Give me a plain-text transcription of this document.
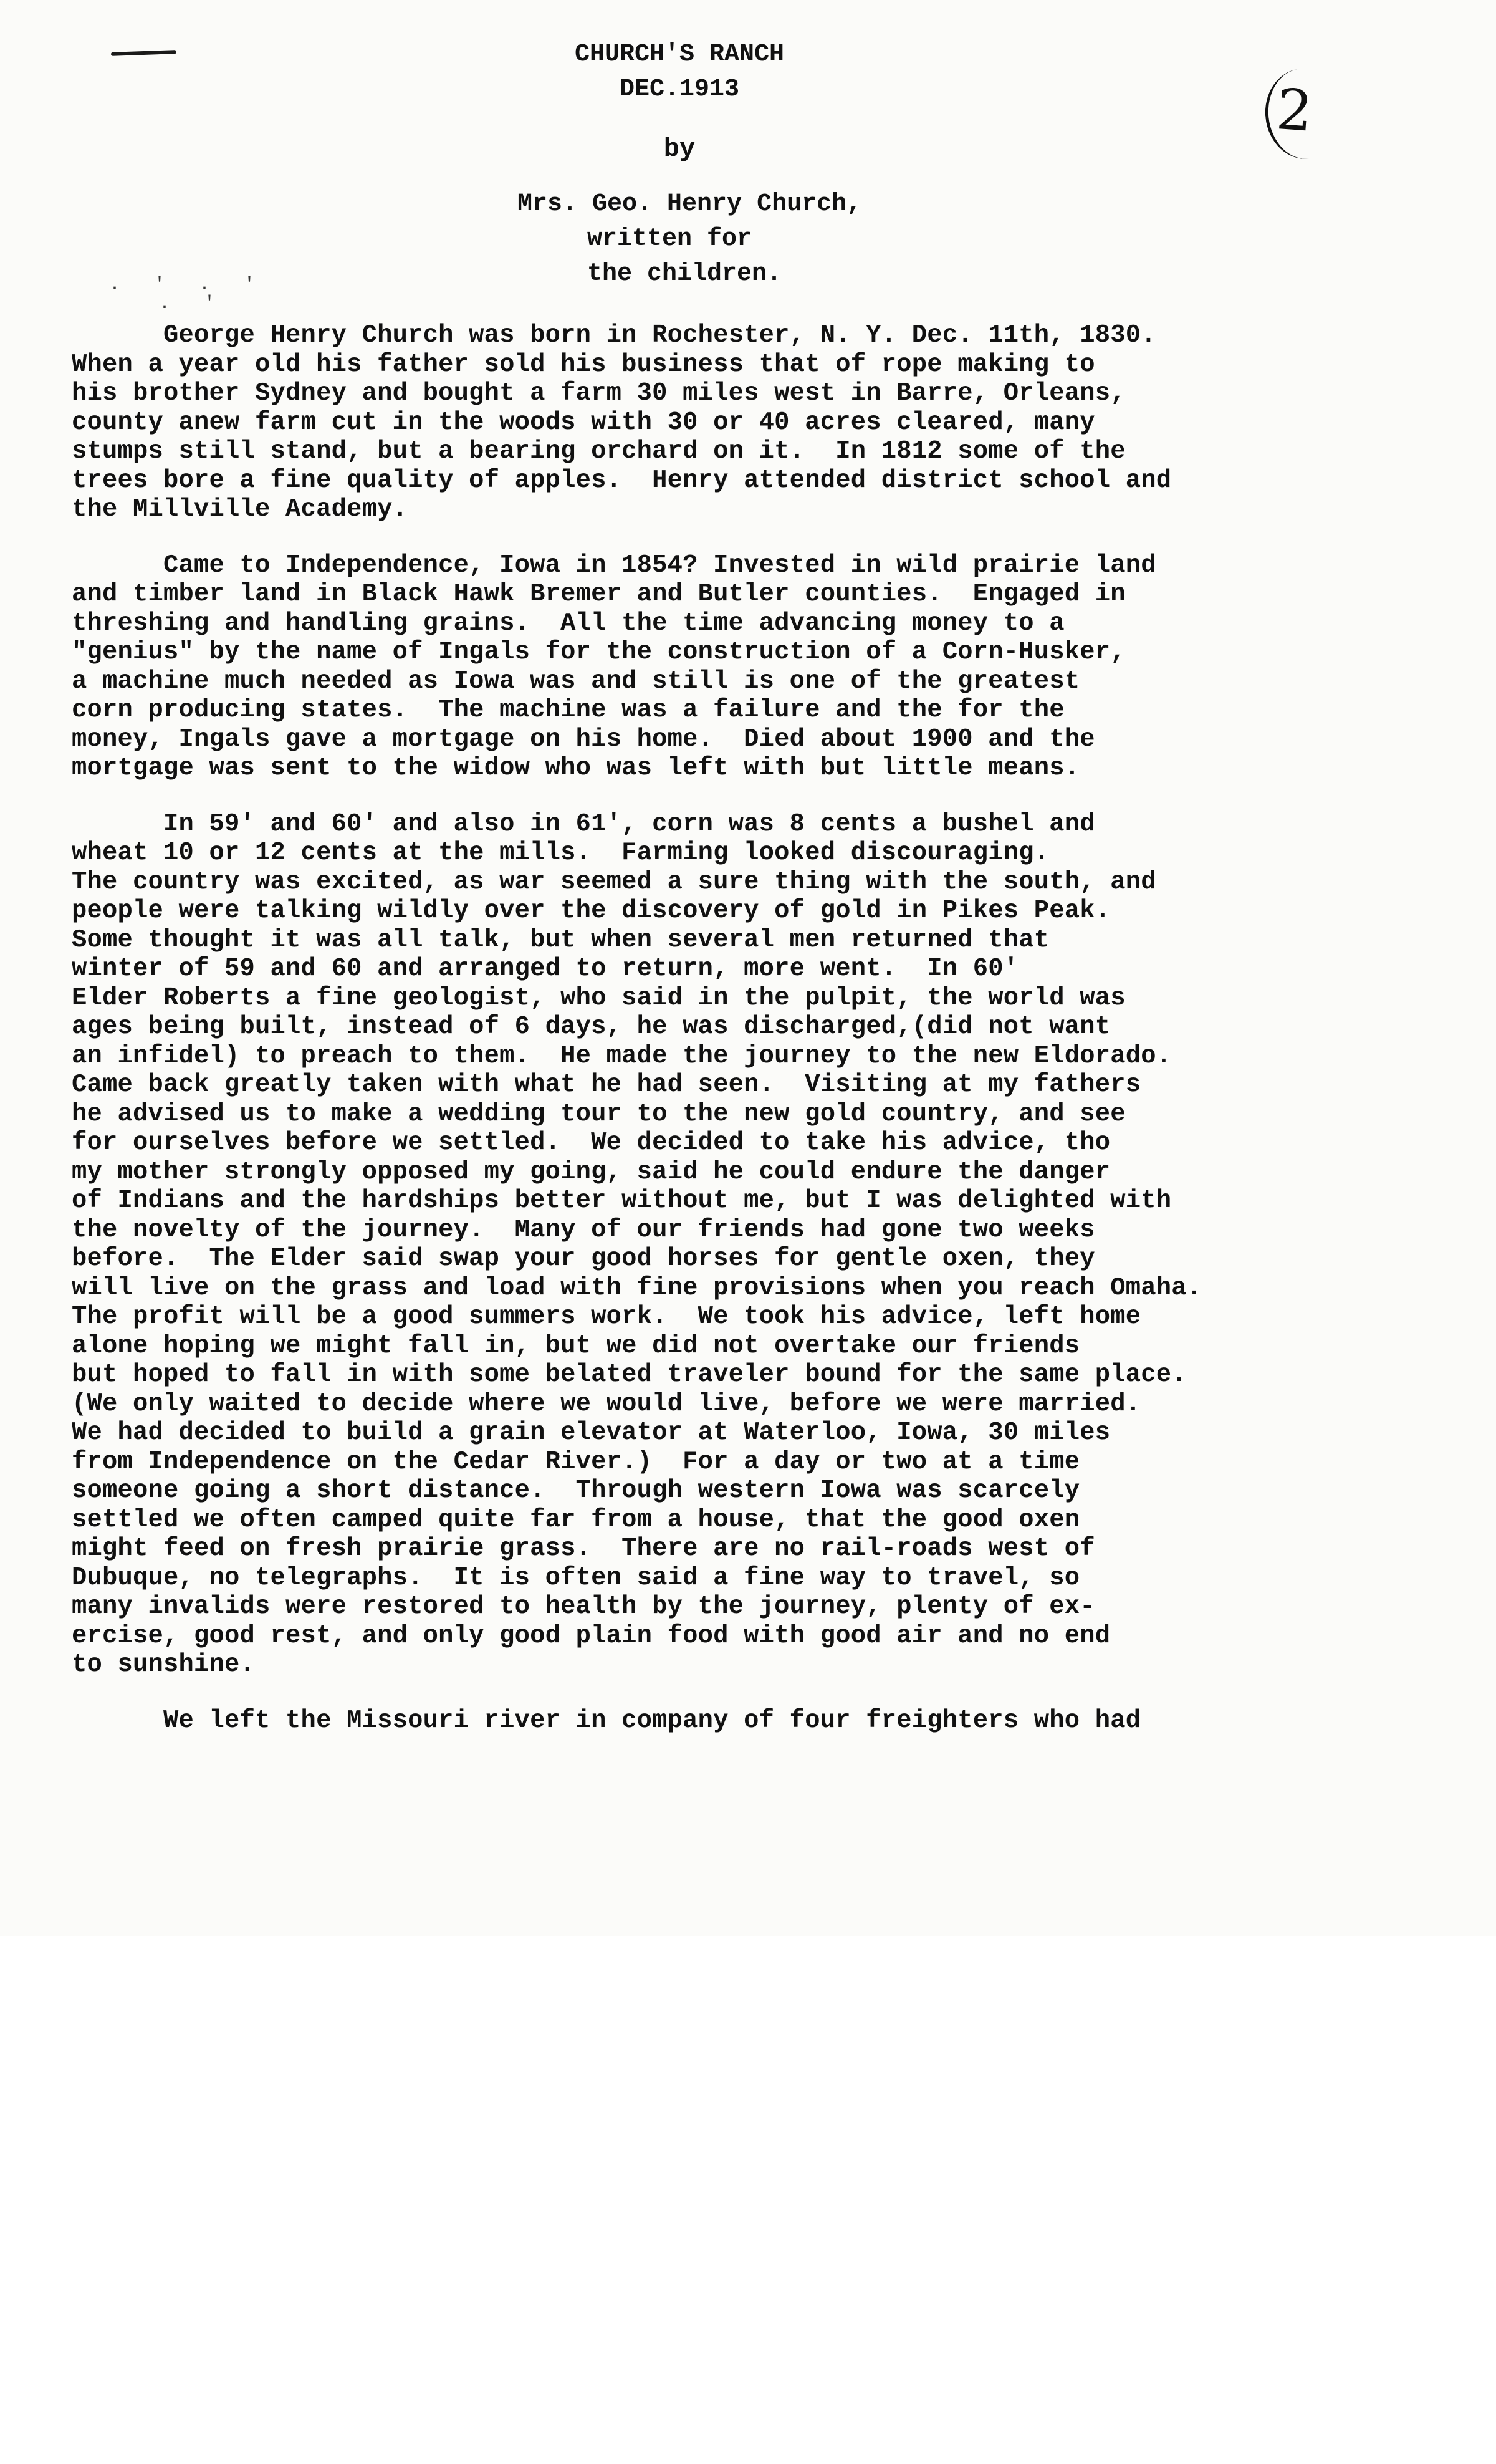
CHURCH'S RANCH
DEC.1913	2
by
Mrs. Geo. Henry Church,
written for
the children.
. ' . '
. '
George Henry Church was born in Rochester, N. Y. Dec. 11th, 1830.
When a year old his father sold his business that of rope making to
his brother Sydney and bought a farm 30 miles west in Barre, Orleans,
county anew farm cut in the woods with 30 or 40 acres cleared, many
stumps still stand, but a bearing orchard on it.  In 1812 some of the
trees bore a fine quality of apples.  Henry attended district school and
the Millville Academy.
Came to Independence, Iowa in 1854? Invested in wild prairie land
and timber land in Black Hawk Bremer and Butler counties.  Engaged in
threshing and handling grains.  All the time advancing money to a
"genius" by the name of Ingals for the construction of a Corn-Husker,
a machine much needed as Iowa was and still is one of the greatest
corn producing states.  The machine was a failure and the for the
money, Ingals gave a mortgage on his home.  Died about 1900 and the
mortgage was sent to the widow who was left with but little means.
In 59' and 60' and also in 61', corn was 8 cents a bushel and
wheat 10 or 12 cents at the mills.  Farming looked discouraging.
The country was excited, as war seemed a sure thing with the south, and
people were talking wildly over the discovery of gold in Pikes Peak.
Some thought it was all talk, but when several men returned that
winter of 59 and 60 and arranged to return, more went.  In 60'
Elder Roberts a fine geologist, who said in the pulpit, the world was
ages being built, instead of 6 days, he was discharged,(did not want
an infidel) to preach to them.  He made the journey to the new Eldorado.
Came back greatly taken with what he had seen.  Visiting at my fathers
he advised us to make a wedding tour to the new gold country, and see
for ourselves before we settled.  We decided to take his advice, tho
my mother strongly opposed my going, said he could endure the danger
of Indians and the hardships better without me, but I was delighted with
the novelty of the journey.  Many of our friends had gone two weeks
before.  The Elder said swap your good horses for gentle oxen, they
will live on the grass and load with fine provisions when you reach Omaha.
The profit will be a good summers work.  We took his advice, left home
alone hoping we might fall in, but we did not overtake our friends
but hoped to fall in with some belated traveler bound for the same place.
(We only waited to decide where we would live, before we were married.
We had decided to build a grain elevator at Waterloo, Iowa, 30 miles
from Independence on the Cedar River.)  For a day or two at a time
someone going a short distance.  Through western Iowa was scarcely
settled we often camped quite far from a house, that the good oxen
might feed on fresh prairie grass.  There are no rail-roads west of
Dubuque, no telegraphs.  It is often said a fine way to travel, so
many invalids were restored to health by the journey, plenty of ex-
ercise, good rest, and only good plain food with good air and no end
to sunshine.
We left the Missouri river in company of four freighters who had
